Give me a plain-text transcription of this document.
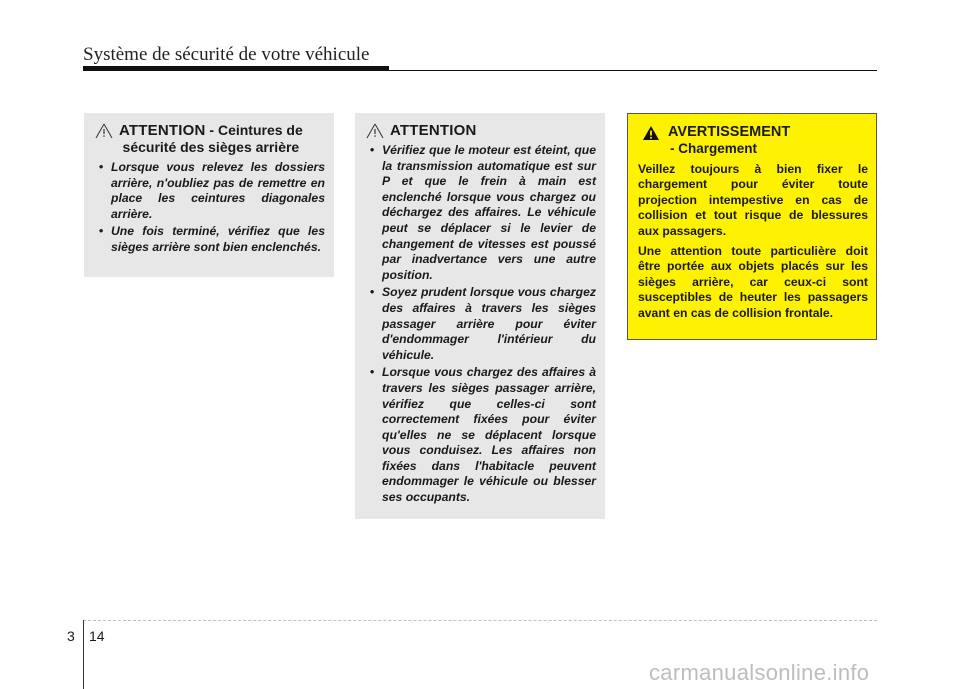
Système de sécurité de votre véhicule
ATTENTION - Ceintures de
sécurité des sièges arrière
• Lorsque vous relevez les dossiers arrière, n'oubliez pas de remettre en place les ceintures diagonales arrière.
• Une fois terminé, vérifiez que les sièges arrière sont bien enclenchés.
ATTENTION
• Vérifiez que le moteur est éteint, que la transmission automatique est sur P et que le frein à main est enclenché lorsque vous chargez ou déchargez des affaires. Le véhicule peut se déplacer si le levier de changement de vitesses est poussé par inadvertance vers une autre position.
• Soyez prudent lorsque vous chargez des affaires à travers les sièges passager arrière pour éviter d'endommager l'intérieur du véhicule.
• Lorsque vous chargez des affaires à travers les sièges passager arrière, vérifiez que celles-ci sont correctement fixées pour éviter qu'elles ne se déplacent lorsque vous conduisez. Les affaires non fixées dans l'habitacle peuvent endommager le véhicule ou blesser ses occupants.
AVERTISSEMENT
- Chargement

Veillez toujours à bien fixer le chargement pour éviter toute projection intempestive en cas de collision et tout risque de blessures aux passagers.

Une attention toute particulière doit être portée aux objets placés sur les sièges arrière, car ceux-ci sont susceptibles de heuter les passagers avant en cas de collision frontale.

3 14
carmanualsonline.info
